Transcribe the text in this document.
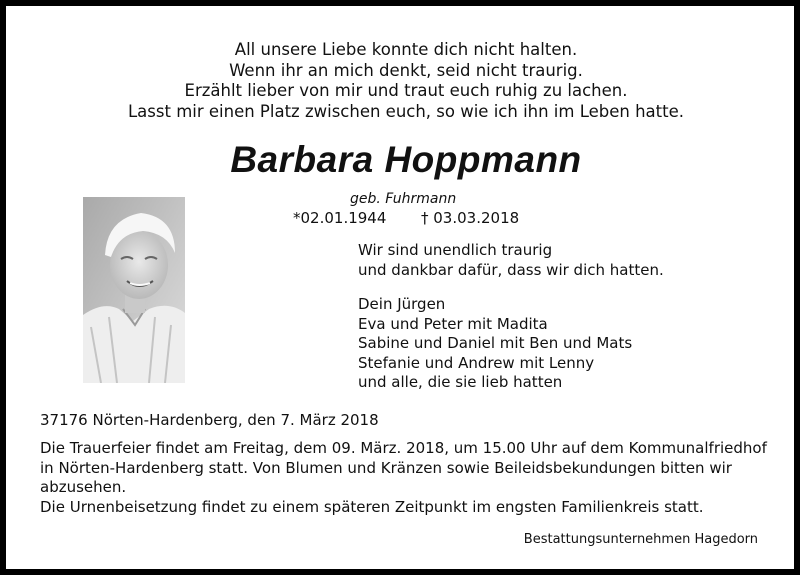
All unsere Liebe konnte dich nicht halten.
Wenn ihr an mich denkt, seid nicht traurig.
Erzählt lieber von mir und traut euch ruhig zu lachen.
Lasst mir einen Platz zwischen euch, so wie ich ihn im Leben hatte.
Barbara Hoppmann
geb. Fuhrmann
*02.01.1944 † 03.03.2018
Wir sind unendlich traurig
und dankbar dafür, dass wir dich hatten.
Dein Jürgen
Eva und Peter mit Madita
Sabine und Daniel mit Ben und Mats
Stefanie und Andrew mit Lenny
und alle, die sie lieb hatten
37176 Nörten-Hardenberg, den 7. März 2018
Die Trauerfeier findet am Freitag, dem 09. März. 2018, um 15.00 Uhr auf dem Kommunalfriedhof
in Nörten-Hardenberg statt. Von Blumen und Kränzen sowie Beileidsbekundungen bitten wir
abzusehen.
Die Urnenbeisetzung findet zu einem späteren Zeitpunkt im engsten Familienkreis statt.
Bestattungsunternehmen Hagedorn
